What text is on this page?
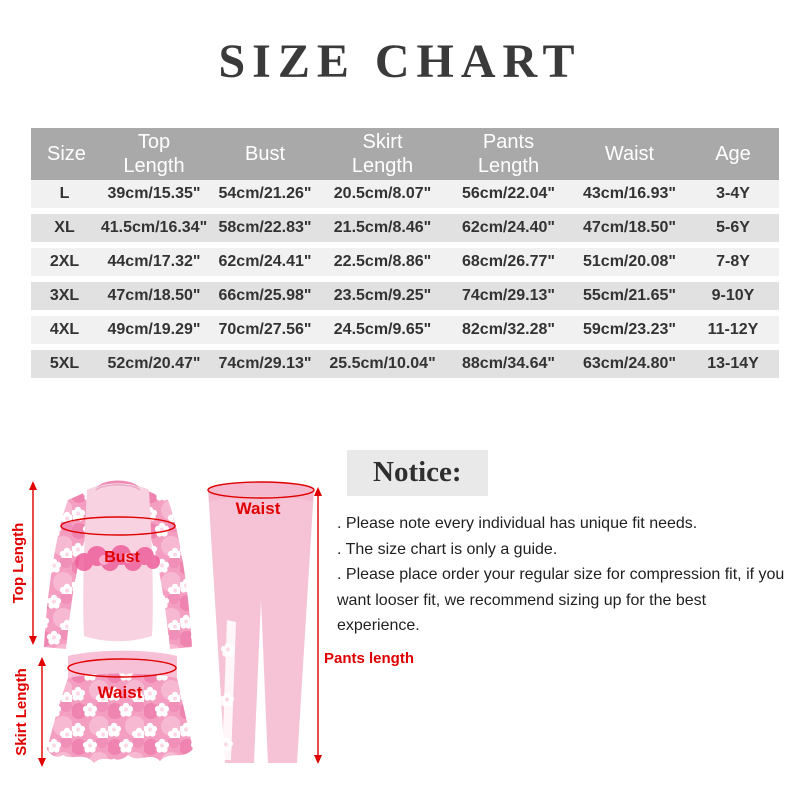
SIZE CHART
Size	Top Length	Bust	Skirt Length	Pants Length	Waist	Age
L	39cm/15.35"	54cm/21.26"	20.5cm/8.07"	56cm/22.04"	43cm/16.93"	3-4Y
XL	41.5cm/16.34"	58cm/22.83"	21.5cm/8.46"	62cm/24.40"	47cm/18.50"	5-6Y
2XL	44cm/17.32"	62cm/24.41"	22.5cm/8.86"	68cm/26.77"	51cm/20.08"	7-8Y
3XL	47cm/18.50"	66cm/25.98"	23.5cm/9.25"	74cm/29.13"	55cm/21.65"	9-10Y
4XL	49cm/19.29"	70cm/27.56"	24.5cm/9.65"	82cm/32.28"	59cm/23.23"	11-12Y
5XL	52cm/20.47"	74cm/29.13"	25.5cm/10.04"	88cm/34.64"	63cm/24.80"	13-14Y
Top Length
Skirt Length
Bust
Waist
Waist
Pants length
Notice:

. Please note every individual has unique fit needs.

. The size chart is only a guide.

. Please place order your regular size for compression fit, if you want looser fit, we recommend sizing up for the best experience.
